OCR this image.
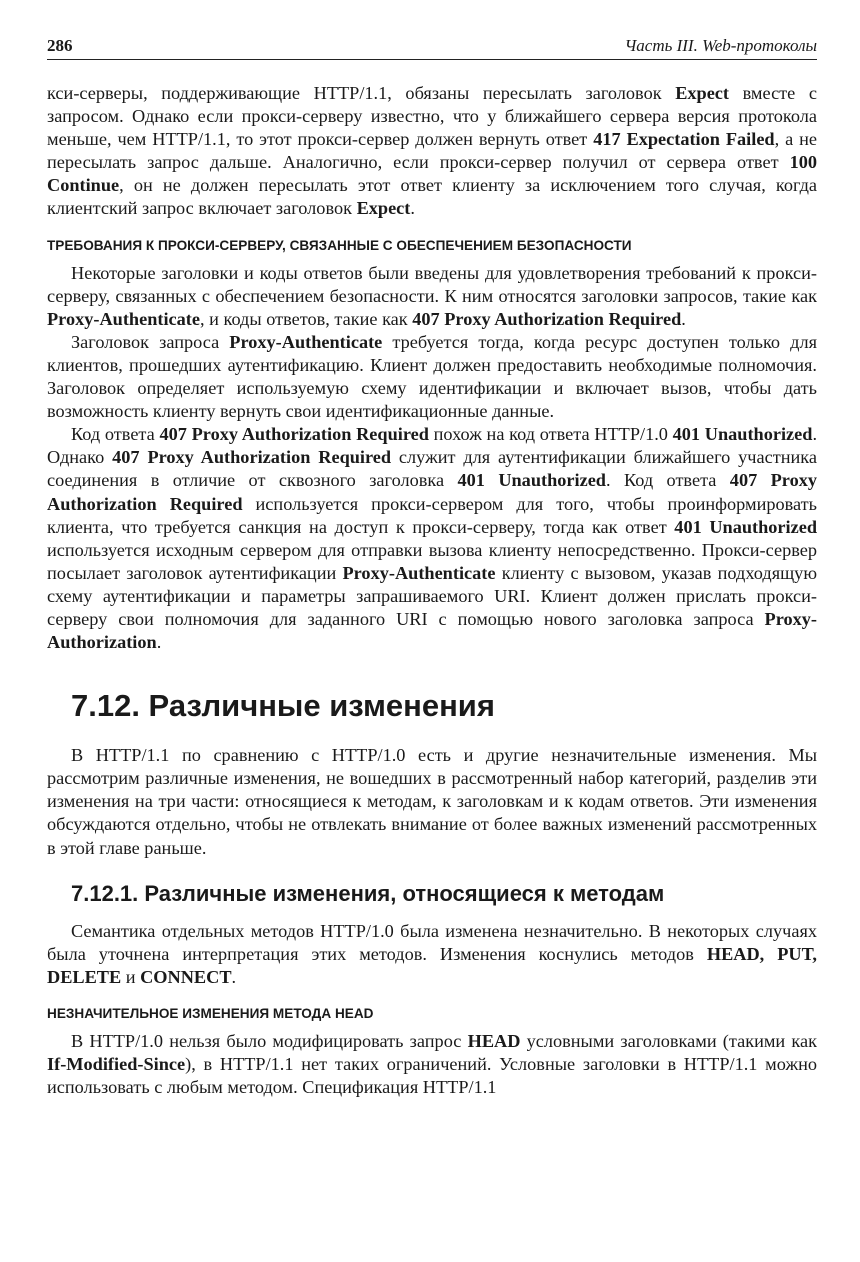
286	Часть III. Web-протоколы

кси-серверы, поддерживающие HTTP/1.1, обязаны пересылать заголовок Expect вместе с запросом. Однако если прокси-серверу известно, что у ближайшего сервера версия протокола меньше, чем HTTP/1.1, то этот прокси-сервер должен вернуть ответ 417 Expectation Failed, а не пересылать запрос дальше. Аналогично, если прокси-сервер получил от сервера ответ 100 Continue, он не должен пересылать этот ответ клиенту за исключением того случая, когда клиентский запрос включает заголовок Expect.

ТРЕБОВАНИЯ К ПРОКСИ-СЕРВЕРУ, СВЯЗАННЫЕ С ОБЕСПЕЧЕНИЕМ БЕЗОПАСНОСТИ

Некоторые заголовки и коды ответов были введены для удовлетворения требований к прокси-серверу, связанных с обеспечением безопасности. К ним относятся заголовки запросов, такие как Proxy-Authenticate, и коды ответов, такие как 407 Proxy Authorization Required.

Заголовок запроса Proxy-Authenticate требуется тогда, когда ресурс доступен только для клиентов, прошедших аутентификацию. Клиент должен предоставить необходимые полномочия. Заголовок определяет используемую схему идентификации и включает вызов, чтобы дать возможность клиенту вернуть свои идентификационные данные.

Код ответа 407 Proxy Authorization Required похож на код ответа HTTP/1.0 401 Unauthorized. Однако 407 Proxy Authorization Required служит для аутентификации ближайшего участника соединения в отличие от сквозного заголовка 401 Unauthorized. Код ответа 407 Proxy Authorization Required используется прокси-сервером для того, чтобы проинформировать клиента, что требуется санкция на доступ к прокси-серверу, тогда как ответ 401 Unauthorized используется исходным сервером для отправки вызова клиенту непосредственно. Прокси-сервер посылает заголовок аутентификации Proxy-Authenticate клиенту с вызовом, указав подходящую схему аутентификации и параметры запрашиваемого URI. Клиент должен прислать прокси-серверу свои полномочия для заданного URI с помощью нового заголовка запроса Proxy-Authorization.

7.12. Различные изменения

В HTTP/1.1 по сравнению с HTTP/1.0 есть и другие незначительные изменения. Мы рассмотрим различные изменения, не вошедших в рассмотренный набор категорий, разделив эти изменения на три части: относящиеся к методам, к заголовкам и к кодам ответов. Эти изменения обсуждаются отдельно, чтобы не отвлекать внимание от более важных изменений рассмотренных в этой главе раньше.

7.12.1. Различные изменения, относящиеся к методам

Семантика отдельных методов HTTP/1.0 была изменена незначительно. В некоторых случаях была уточнена интерпретация этих методов. Изменения коснулись методов HEAD, PUT, DELETE и CONNECT.

НЕЗНАЧИТЕЛЬНОЕ ИЗМЕНЕНИЯ МЕТОДА HEAD

В HTTP/1.0 нельзя было модифицировать запрос HEAD условными заголовками (такими как If-Modified-Since), в HTTP/1.1 нет таких ограничений. Условные заголовки в HTTP/1.1 можно использовать с любым методом. Спецификация HTTP/1.1
